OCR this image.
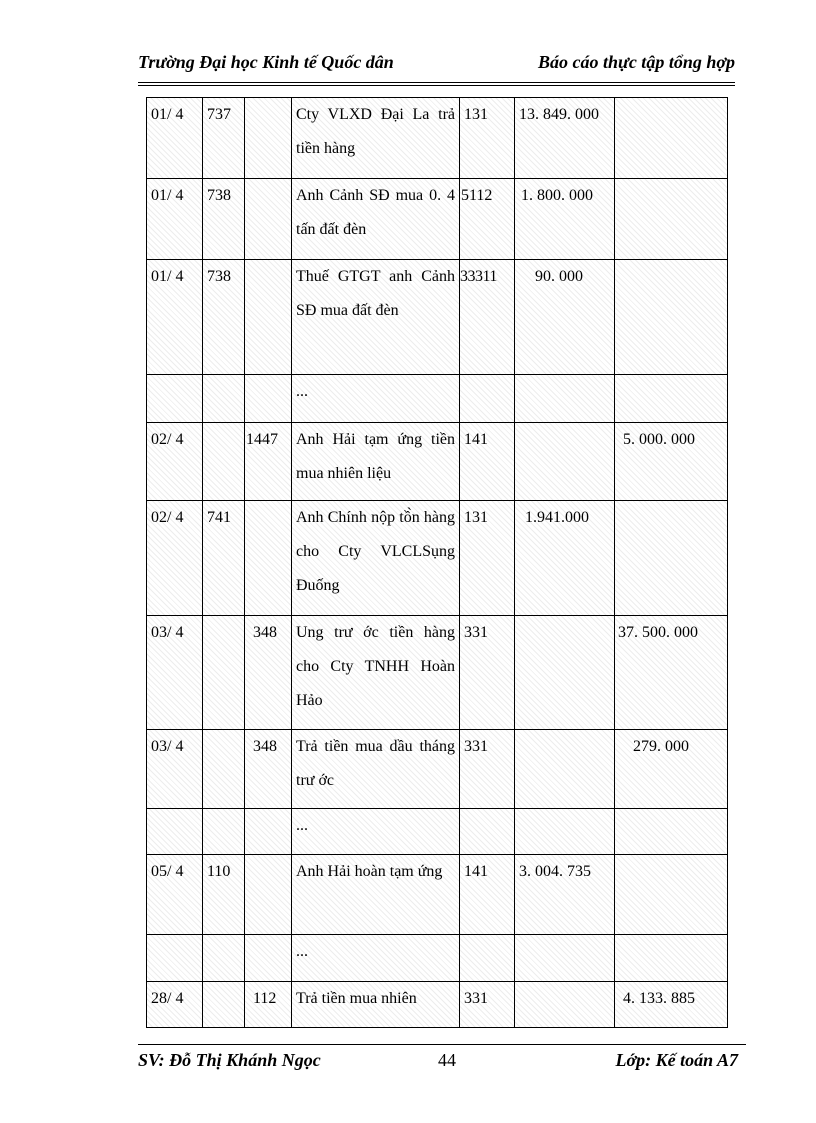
Trường Đại học Kinh tế Quốc dân	Báo cáo thực tập tổng hợp
01/ 4	737		Cty VLXD Đại La trả tiền hàng	131	13. 849. 000	
01/ 4	738		Anh Cảnh SĐ mua 0. 4 tấn đất đèn	5112	1. 800. 000	
01/ 4	738		Thuế GTGT anh Cảnh SĐ mua đất đèn	33311	90. 000	
			...			
02/ 4		1447	Anh Hải tạm ứng tiền mua nhiên liệu	141		5. 000. 000
02/ 4	741		Anh Chính nộp tồ̀n hàng cho Cty VLCLSụng Đuống	131	1.941.000	
03/ 4		348	Ung trư ớc tiền hàng cho Cty TNHH Hoàn Hảo	331		37. 500. 000
03/ 4		348	Trả tiền mua dầu tháng trư ớc	331		279. 000
			...			
05/ 4	110		Anh Hải hoàn tạm ứng	141	3. 004. 735	
			...			
28/ 4		112	Trả tiền mua nhiên	331		4. 133. 885
SV: Đỗ Thị Khánh Ngọc	44	Lớp: Kế toán A7
